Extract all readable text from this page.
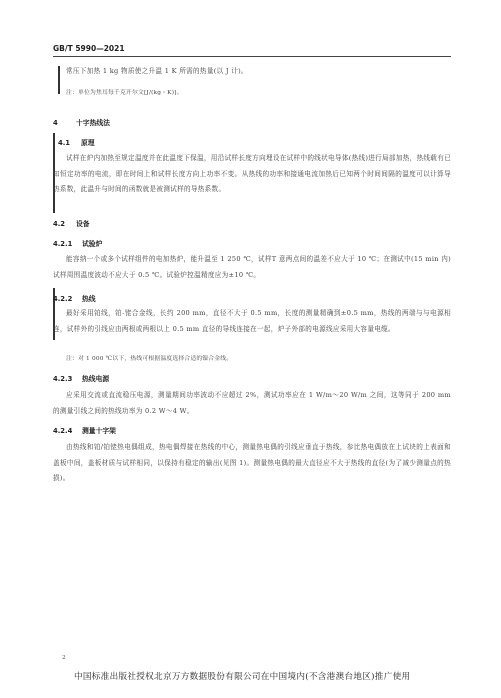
GB/T 5990—2021
常压下加热 1 kg 物质使之升温 1 K 所需的热量(以 J 计)。
注：单位为焦耳每千克开尔文[J/(kg・K)]。
4	十字热线法
4.1 原理
试样在炉内加热至规定温度并在此温度下保温，用沿试样长度方向埋设在试样中的线状电导体(热线)进行局部加热，热线载有已知恒定功率的电流，即在时间上和试样长度方向上功率不变。从热线的功率和接通电流加热后已知两个时间间隔的温度可以计算导热系数，此温升与时间的函数就是被测试样的导热系数。
4.2 设备
4.2.1 试验炉
能容纳一个或多个试样组件的电加热炉，能升温至 1 250 ℃，试样T 意两点间的温差不应大于 10 ℃；在测试中(15 min 内)试样周围温度波动不应大于 0.5 ℃。试验炉控温精度应为±10 ℃。
4.2.2 热线
最好采用铂线，铂-铑合金线，长约 200 mm，直径不大于 0.5 mm，长度的测量精确到±0.5 mm，热线的两端与与电源相连，试样外的引线应由两根或两根以上 0.5 mm 直径的导线连接在一起，炉子外部的电源线应采用大容量电缆。
注：对 1 000 ℃以下，热线可根据温度选择合适的镍合金线。
4.2.3 热线电源
应采用交流或直流稳压电源，测量期间功率波动不应超过 2%，测试功率应在 1 W/m～20 W/m 之间，这等同于 200 mm 的测量引线之间的热线功率为 0.2 W～4 W。
4.2.4 测量十字架
由热线和铂/铂铑热电偶组成，热电偶焊接在热线的中心，测量热电偶的引线应垂直于热线，参比热电偶放在上试块的上表面和盖板中间，盖板材质与试样相同，以保持有稳定的输出(见图 1)。测量热电偶的最大直径应不大于热线的直径(为了减少测量点的热损)。
2
中国标准出版社授权北京万方数据股份有限公司在中国境内(不含港澳台地区)推广使用
